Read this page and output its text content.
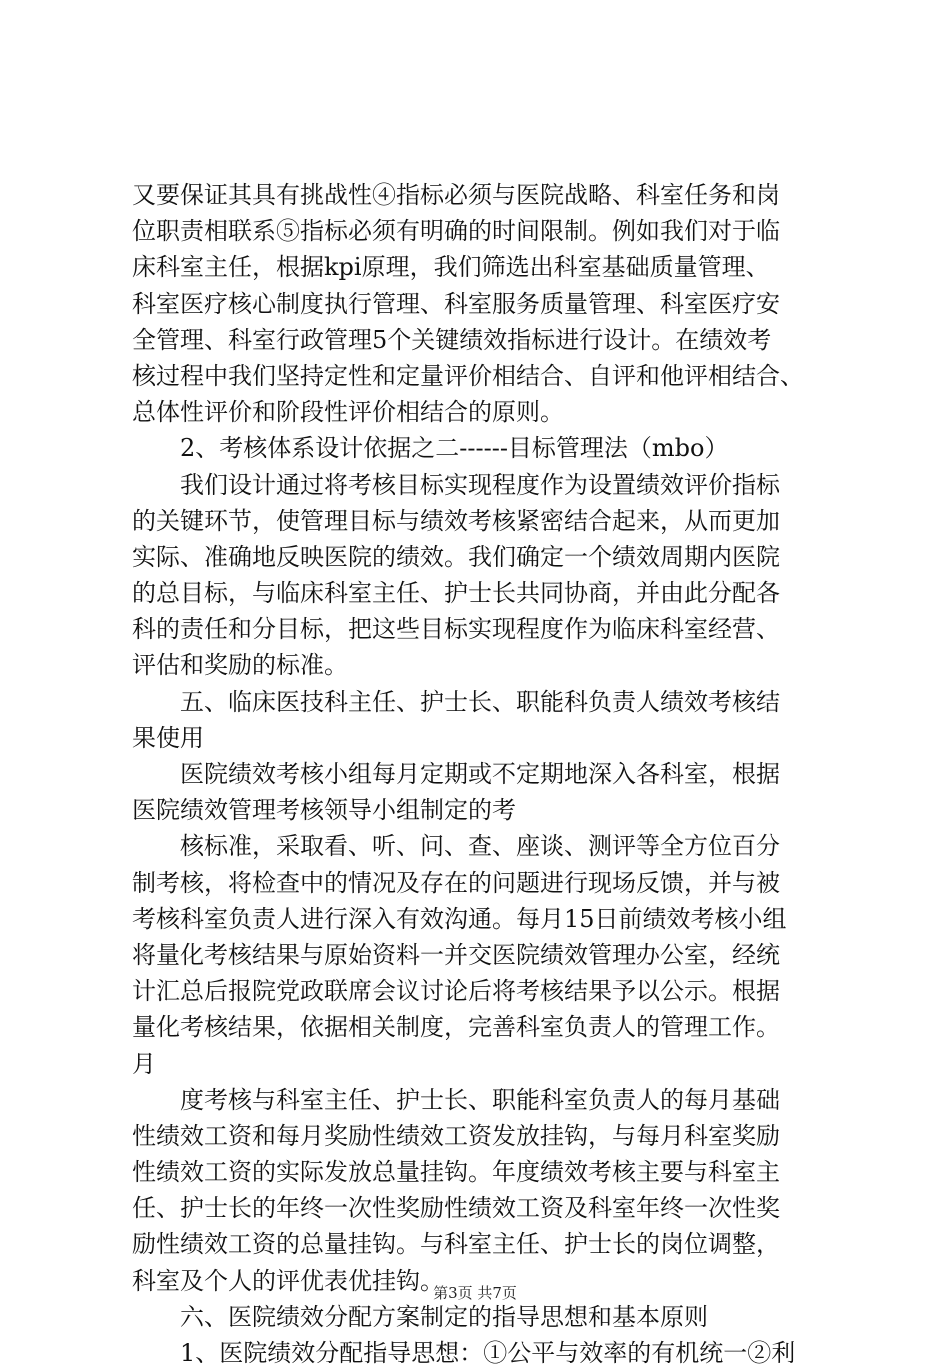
又要保证其具有挑战性④指标必须与医院战略、科室任务和岗
位职责相联系⑤指标必须有明确的时间限制。例如我们对于临
床科室主任，根据kpi原理，我们筛选出科室基础质量管理、
科室医疗核心制度执行管理、科室服务质量管理、科室医疗安
全管理、科室行政管理5个关键绩效指标进行设计。在绩效考
核过程中我们坚持定性和定量评价相结合、自评和他评相结合、
总体性评价和阶段性评价相结合的原则。
2、考核体系设计依据之二------目标管理法（mbo）
我们设计通过将考核目标实现程度作为设置绩效评价指标
的关键环节，使管理目标与绩效考核紧密结合起来，从而更加
实际、准确地反映医院的绩效。我们确定一个绩效周期内医院
的总目标，与临床科室主任、护士长共同协商，并由此分配各
科的责任和分目标，把这些目标实现程度作为临床科室经营、
评估和奖励的标准。
五、临床医技科主任、护士长、职能科负责人绩效考核结
果使用
医院绩效考核小组每月定期或不定期地深入各科室，根据
医院绩效管理考核领导小组制定的考
核标准，采取看、听、问、查、座谈、测评等全方位百分
制考核，将检查中的情况及存在的问题进行现场反馈，并与被
考核科室负责人进行深入有效沟通。每月15日前绩效考核小组
将量化考核结果与原始资料一并交医院绩效管理办公室，经统
计汇总后报院党政联席会议讨论后将考核结果予以公示。根据
量化考核结果，依据相关制度，完善科室负责人的管理工作。
月
度考核与科室主任、护士长、职能科室负责人的每月基础
性绩效工资和每月奖励性绩效工资发放挂钩，与每月科室奖励
性绩效工资的实际发放总量挂钩。年度绩效考核主要与科室主
任、护士长的年终一次性奖励性绩效工资及科室年终一次性奖
励性绩效工资的总量挂钩。与科室主任、护士长的岗位调整，
科室及个人的评优表优挂钩。
六、医院绩效分配方案制定的指导思想和基本原则
1、医院绩效分配指导思想：①公平与效率的有机统一②利
第3页 共7页
